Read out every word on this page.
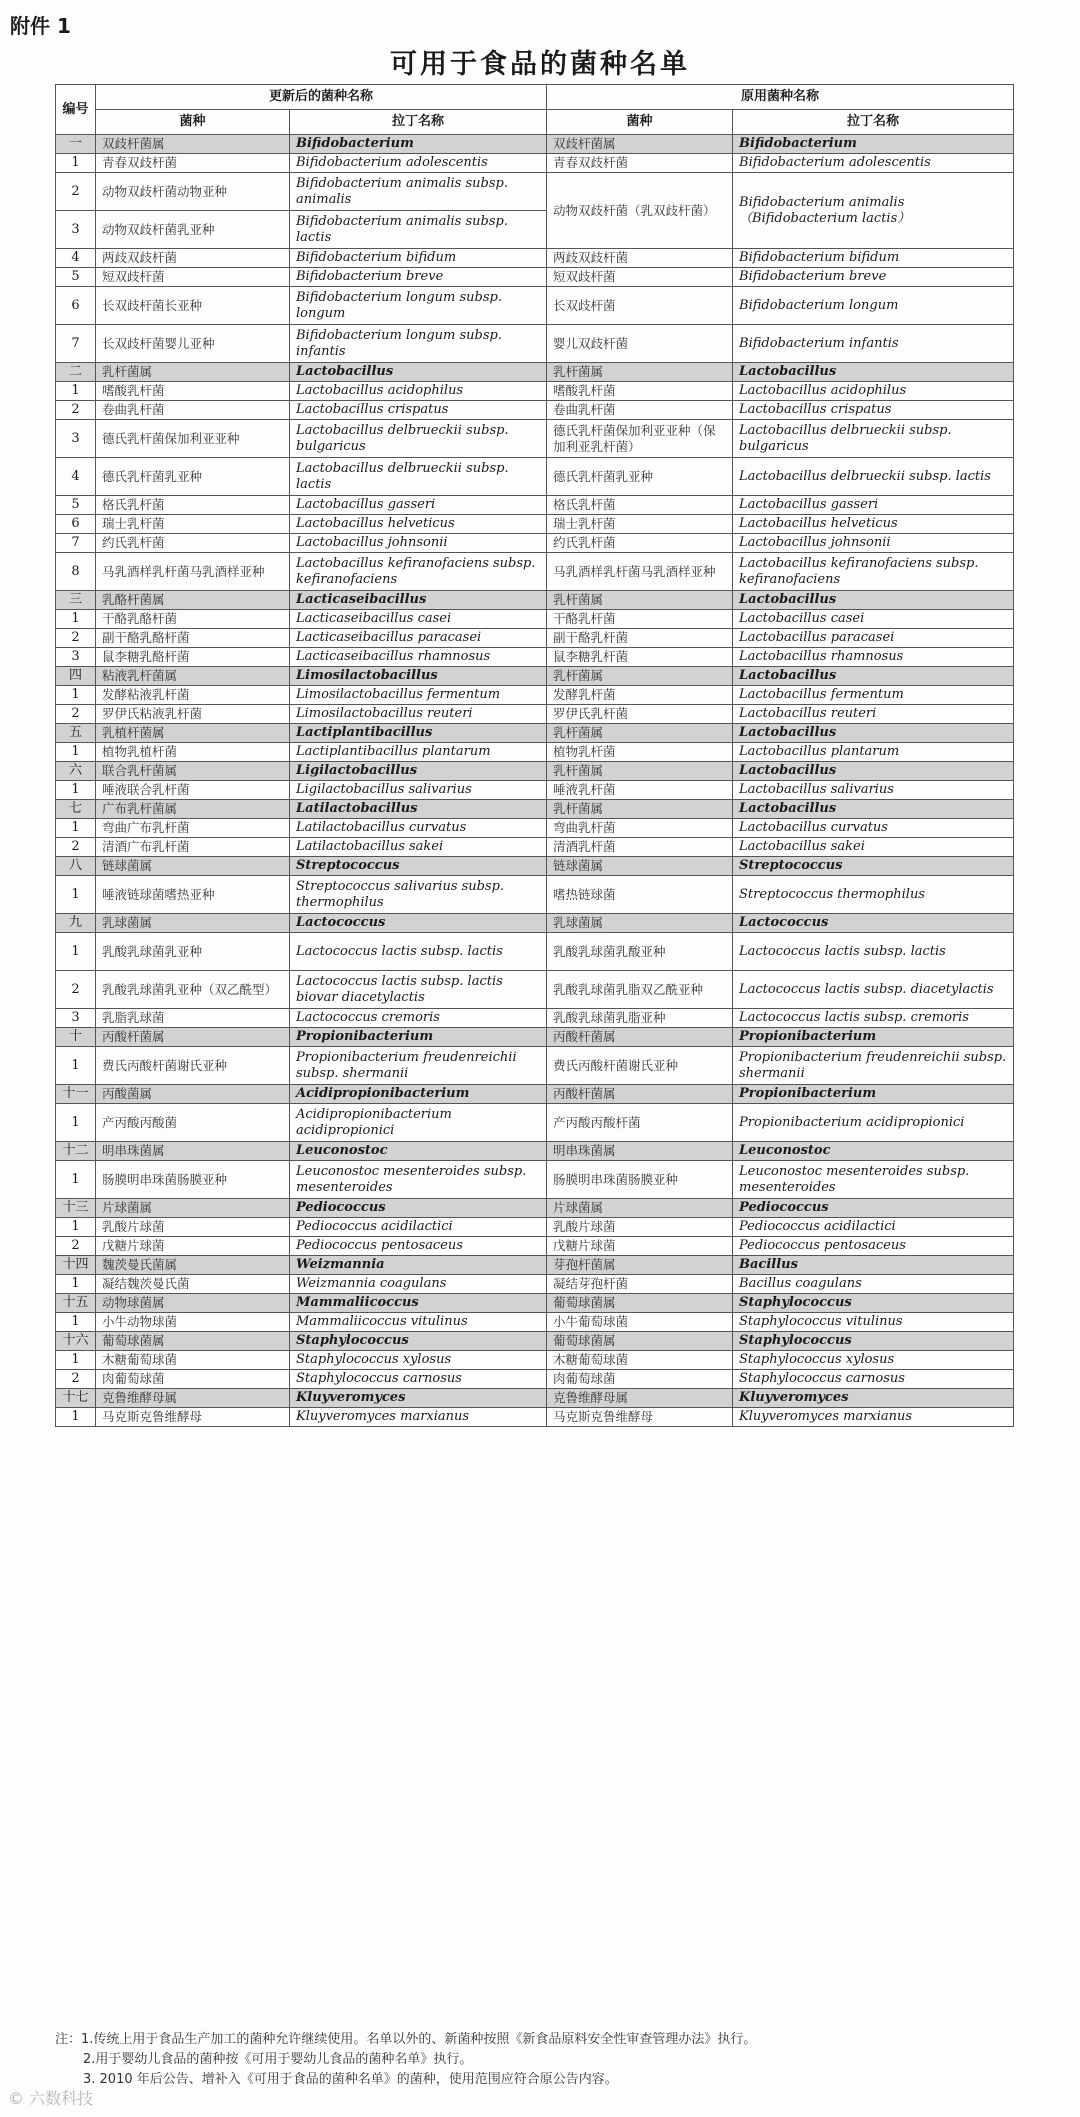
附件 1
可用于食品的菌种名单
编号	更新后的菌种名称		原用菌种名称	
	菌种	拉丁名称	菌种	拉丁名称
一	双歧杆菌属	Bifidobacterium	双歧杆菌属	Bifidobacterium
1	青春双歧杆菌	Bifidobacterium adolescentis	青春双歧杆菌	Bifidobacterium adolescentis
2	动物双歧杆菌动物亚种	Bifidobacterium animalis subsp. animalis	动物双歧杆菌（乳双歧杆菌）	Bifidobacterium animalis （Bifidobacterium lactis）
3	动物双歧杆菌乳亚种	Bifidobacterium animalis subsp. lactis		
4	两歧双歧杆菌	Bifidobacterium bifidum	两歧双歧杆菌	Bifidobacterium bifidum
5	短双歧杆菌	Bifidobacterium breve	短双歧杆菌	Bifidobacterium breve
6	长双歧杆菌长亚种	Bifidobacterium longum subsp. longum	长双歧杆菌	Bifidobacterium longum
7	长双歧杆菌婴儿亚种	Bifidobacterium longum subsp. infantis	婴儿双歧杆菌	Bifidobacterium infantis
二	乳杆菌属	Lactobacillus	乳杆菌属	Lactobacillus
1	嗜酸乳杆菌	Lactobacillus acidophilus	嗜酸乳杆菌	Lactobacillus acidophilus
2	卷曲乳杆菌	Lactobacillus crispatus	卷曲乳杆菌	Lactobacillus crispatus
3	德氏乳杆菌保加利亚亚种	Lactobacillus delbrueckii subsp. bulgaricus	德氏乳杆菌保加利亚亚种（保加利亚乳杆菌）	Lactobacillus delbrueckii subsp. bulgaricus
4	德氏乳杆菌乳亚种	Lactobacillus delbrueckii subsp. lactis	德氏乳杆菌乳亚种	Lactobacillus delbrueckii subsp. lactis
5	格氏乳杆菌	Lactobacillus gasseri	格氏乳杆菌	Lactobacillus gasseri
6	瑞士乳杆菌	Lactobacillus helveticus	瑞士乳杆菌	Lactobacillus helveticus
7	约氏乳杆菌	Lactobacillus johnsonii	约氏乳杆菌	Lactobacillus johnsonii
8	马乳酒样乳杆菌马乳酒样亚种	Lactobacillus kefiranofaciens subsp. kefiranofaciens	马乳酒样乳杆菌马乳酒样亚种	Lactobacillus kefiranofaciens subsp. kefiranofaciens
三	乳酪杆菌属	Lacticaseibacillus	乳杆菌属	Lactobacillus
1	干酪乳酪杆菌	Lacticaseibacillus casei	干酪乳杆菌	Lactobacillus casei
2	副干酪乳酪杆菌	Lacticaseibacillus paracasei	副干酪乳杆菌	Lactobacillus paracasei
3	鼠李糖乳酪杆菌	Lacticaseibacillus rhamnosus	鼠李糖乳杆菌	Lactobacillus rhamnosus
四	粘液乳杆菌属	Limosilactobacillus	乳杆菌属	Lactobacillus
1	发酵粘液乳杆菌	Limosilactobacillus fermentum	发酵乳杆菌	Lactobacillus fermentum
2	罗伊氏粘液乳杆菌	Limosilactobacillus reuteri	罗伊氏乳杆菌	Lactobacillus reuteri
五	乳植杆菌属	Lactiplantibacillus	乳杆菌属	Lactobacillus
1	植物乳植杆菌	Lactiplantibacillus plantarum	植物乳杆菌	Lactobacillus plantarum
六	联合乳杆菌属	Ligilactobacillus	乳杆菌属	Lactobacillus
1	唾液联合乳杆菌	Ligilactobacillus salivarius	唾液乳杆菌	Lactobacillus salivarius
七	广布乳杆菌属	Latilactobacillus	乳杆菌属	Lactobacillus
1	弯曲广布乳杆菌	Latilactobacillus curvatus	弯曲乳杆菌	Lactobacillus curvatus
2	清酒广布乳杆菌	Latilactobacillus sakei	清酒乳杆菌	Lactobacillus sakei
八	链球菌属	Streptococcus	链球菌属	Streptococcus
1	唾液链球菌嗜热亚种	Streptococcus salivarius subsp. thermophilus	嗜热链球菌	Streptococcus thermophilus
九	乳球菌属	Lactococcus	乳球菌属	Lactococcus
1	乳酸乳球菌乳亚种	Lactococcus lactis subsp. lactis	乳酸乳球菌乳酸亚种	Lactococcus lactis subsp. lactis
2	乳酸乳球菌乳亚种（双乙酰型）	Lactococcus lactis subsp. lactis biovar diacetylactis	乳酸乳球菌乳脂双乙酰亚种	Lactococcus lactis subsp. diacetylactis
3	乳脂乳球菌	Lactococcus cremoris	乳酸乳球菌乳脂亚种	Lactococcus lactis subsp. cremoris
十	丙酸杆菌属	Propionibacterium	丙酸杆菌属	Propionibacterium
1	费氏丙酸杆菌谢氏亚种	Propionibacterium freudenreichii subsp. shermanii	费氏丙酸杆菌谢氏亚种	Propionibacterium freudenreichii subsp. shermanii
十一	丙酸菌属	Acidipropionibacterium	丙酸杆菌属	Propionibacterium
1	产丙酸丙酸菌	Acidipropionibacterium acidipropionici	产丙酸丙酸杆菌	Propionibacterium acidipropionici
十二	明串珠菌属	Leuconostoc	明串珠菌属	Leuconostoc
1	肠膜明串珠菌肠膜亚种	Leuconostoc mesenteroides subsp. mesenteroides	肠膜明串珠菌肠膜亚种	Leuconostoc mesenteroides subsp. mesenteroides
十三	片球菌属	Pediococcus	片球菌属	Pediococcus
1	乳酸片球菌	Pediococcus acidilactici	乳酸片球菌	Pediococcus acidilactici
2	戊糖片球菌	Pediococcus pentosaceus	戊糖片球菌	Pediococcus pentosaceus
十四	魏茨曼氏菌属	Weizmannia	芽孢杆菌属	Bacillus
1	凝结魏茨曼氏菌	Weizmannia coagulans	凝结芽孢杆菌	Bacillus coagulans
十五	动物球菌属	Mammaliicoccus	葡萄球菌属	Staphylococcus
1	小牛动物球菌	Mammaliicoccus vitulinus	小牛葡萄球菌	Staphylococcus vitulinus
十六	葡萄球菌属	Staphylococcus	葡萄球菌属	Staphylococcus
1	木糖葡萄球菌	Staphylococcus xylosus	木糖葡萄球菌	Staphylococcus xylosus
2	肉葡萄球菌	Staphylococcus carnosus	肉葡萄球菌	Staphylococcus carnosus
十七	克鲁维酵母属	Kluyveromyces	克鲁维酵母属	Kluyveromyces
1	马克斯克鲁维酵母	Kluyveromyces marxianus	马克斯克鲁维酵母	Kluyveromyces marxianus

注：1.传统上用于食品生产加工的菌种允许继续使用。名单以外的、新菌种按照《新食品原料安全性审查管理办法》执行。

2.用于婴幼儿食品的菌种按《可用于婴幼儿食品的菌种名单》执行。

3. 2010 年后公告、增补入《可用于食品的菌种名单》的菌种，使用范围应符合原公告内容。

© 六数科技
